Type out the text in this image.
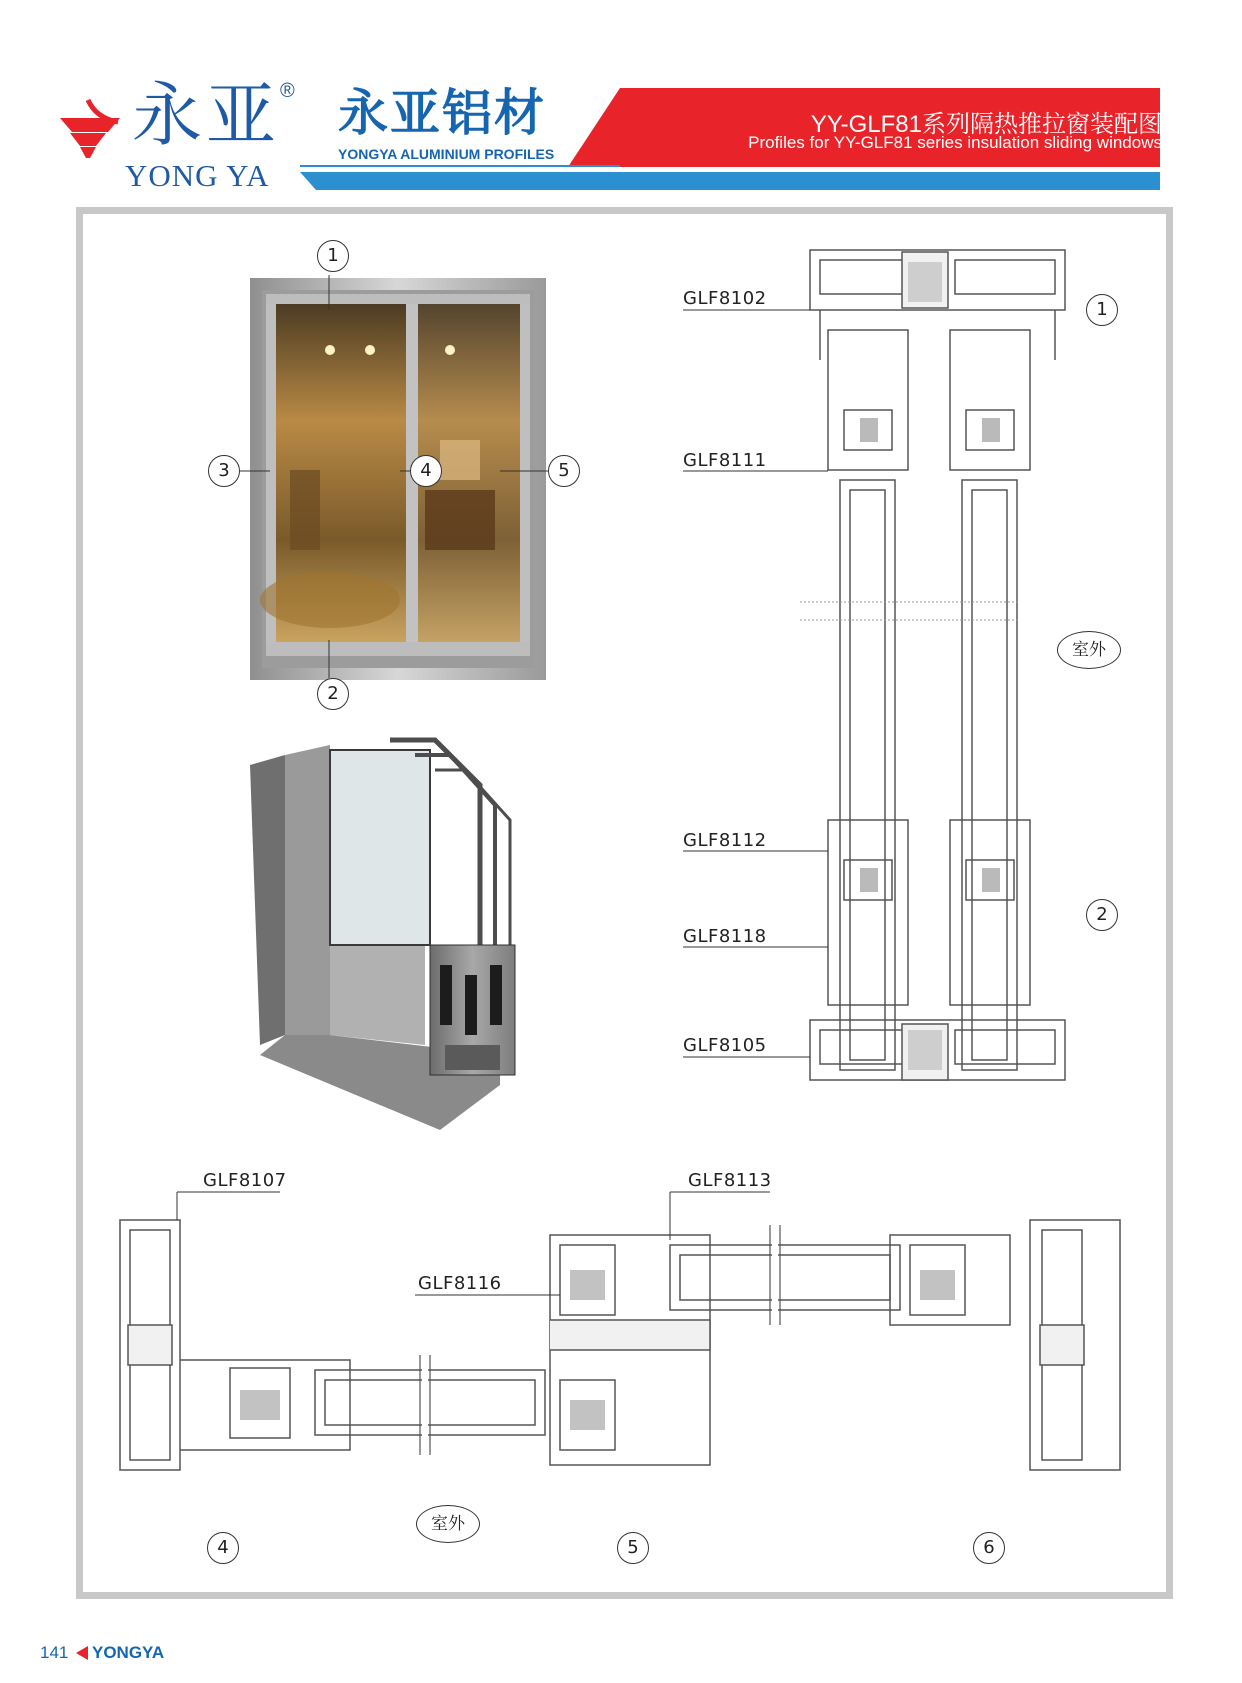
永亚 ®
YONG YA
永亚铝材
YONGYA ALUMINIUM PROFILES
YY-GLF81系列隔热推拉窗装配图
Profiles for YY-GLF81 series insulation sliding windows
1
2
3	4	5
GLF8102
GLF8111
GLF8112
GLF8118
GLF8105
1
2
室外
GLF8107	GLF8113
GLF8116
室外
4	5	6
141 YONGYA
